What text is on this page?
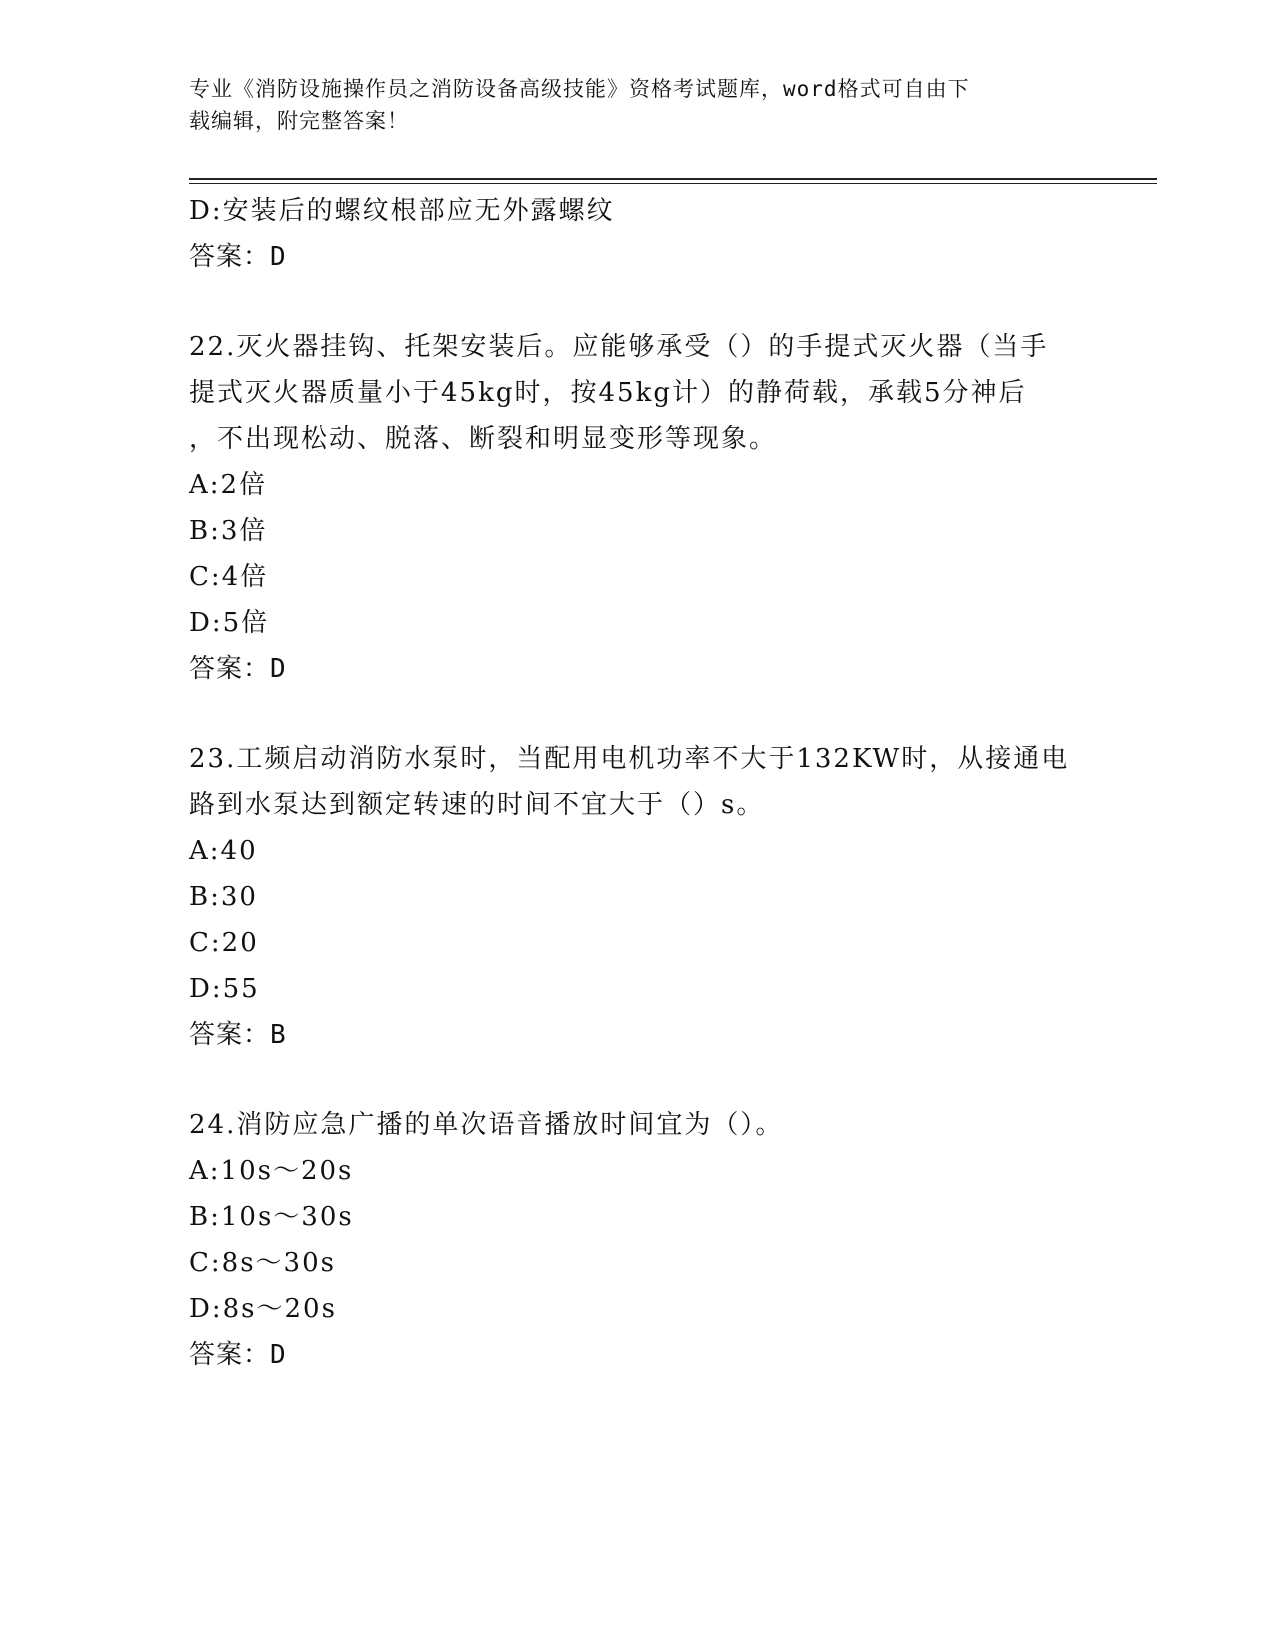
专业《消防设施操作员之消防设备高级技能》资格考试题库，word格式可自由下
载编辑，附完整答案！
D:安装后的螺纹根部应无外露螺纹
答案：D
22.灭火器挂钩、托架安装后。应能够承受（）的手提式灭火器（当手
提式灭火器质量小于45kg时，按45kg计）的静荷载，承载5分神后
，不出现松动、脱落、断裂和明显变形等现象。
A:2倍
B:3倍
C:4倍
D:5倍
答案：D
23.工频启动消防水泵时，当配用电机功率不大于132KW时，从接通电
路到水泵达到额定转速的时间不宜大于（）s。
A:40
B:30
C:20
D:55
答案：B
24.消防应急广播的单次语音播放时间宜为（）。
A:10s～20s
B:10s～30s
C:8s～30s
D:8s～20s
答案：D
